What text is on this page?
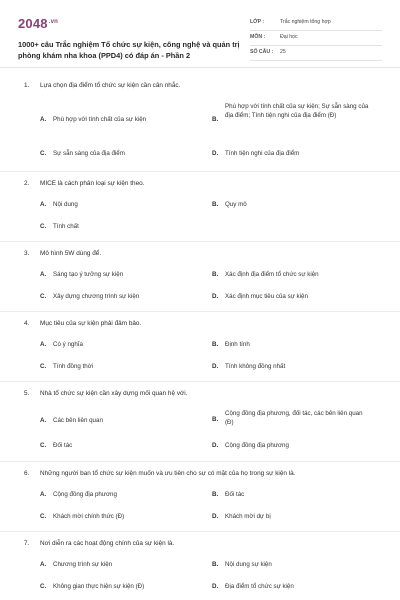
$2048^{.vn}$
1000+ câu Trắc nghiệm Tổ chức sự kiện, công nghệ và quản trị phòng khám nha khoa (PPD4) có đáp án - Phần 2
LỚP :	Trắc nghiệm tổng hợp
MÔN :	Đại học
SỐ CÂU : 25
1. Lựa chọn địa điểm tổ chức sự kiện cần cân nhắc.
A. Phù hợp với tính chất của sự kiện	B.
Phù hợp với tính chất của sự kiện; Sự sẵn sàng của địa điểm; Tính tiện nghi của địa điểm (Đ)
C. Sự sẵn sàng của địa điểm	D. Tính tiện nghi của địa điểm
2. MICE là cách phân loại sự kiện theo.
A. Nội dung	B. Quy mô
C. Tính chất
3. Mô hình 5W dùng để.
A. Sáng tạo ý tưởng sự kiện	B. Xác định địa điểm tổ chức sự kiện
C. Xây dựng chương trình sự kiện	D. Xác định mục tiêu của sự kiện
4. Mục tiêu của sự kiện phải đảm bảo.
A. Có ý nghĩa	B. Định tính
C. Tính đồng thời	D. Tính không đồng nhất
5. Nhà tổ chức sự kiện cần xây dựng mối quan hệ với.
A. Các bên liên quan	B.
Cộng đồng địa phương, đối tác, các bên liên quan (Đ)
C. Đối tác	D. Cộng đồng địa phương
6. Những người ban tổ chức sự kiện muốn và ưu tiên cho sự có mặt của họ trong sự kiện là.
A. Cộng đồng địa phương	B. Đối tác
C. Khách mời chính thức (Đ)	D. Khách mời dự bị
7. Nơi diễn ra các hoạt động chính của sự kiện là.
A. Chương trình sự kiện	B. Nội dung sự kiện
C. Không gian thực hiện sự kiện (Đ)	D. Địa điểm tổ chức sự kiện
